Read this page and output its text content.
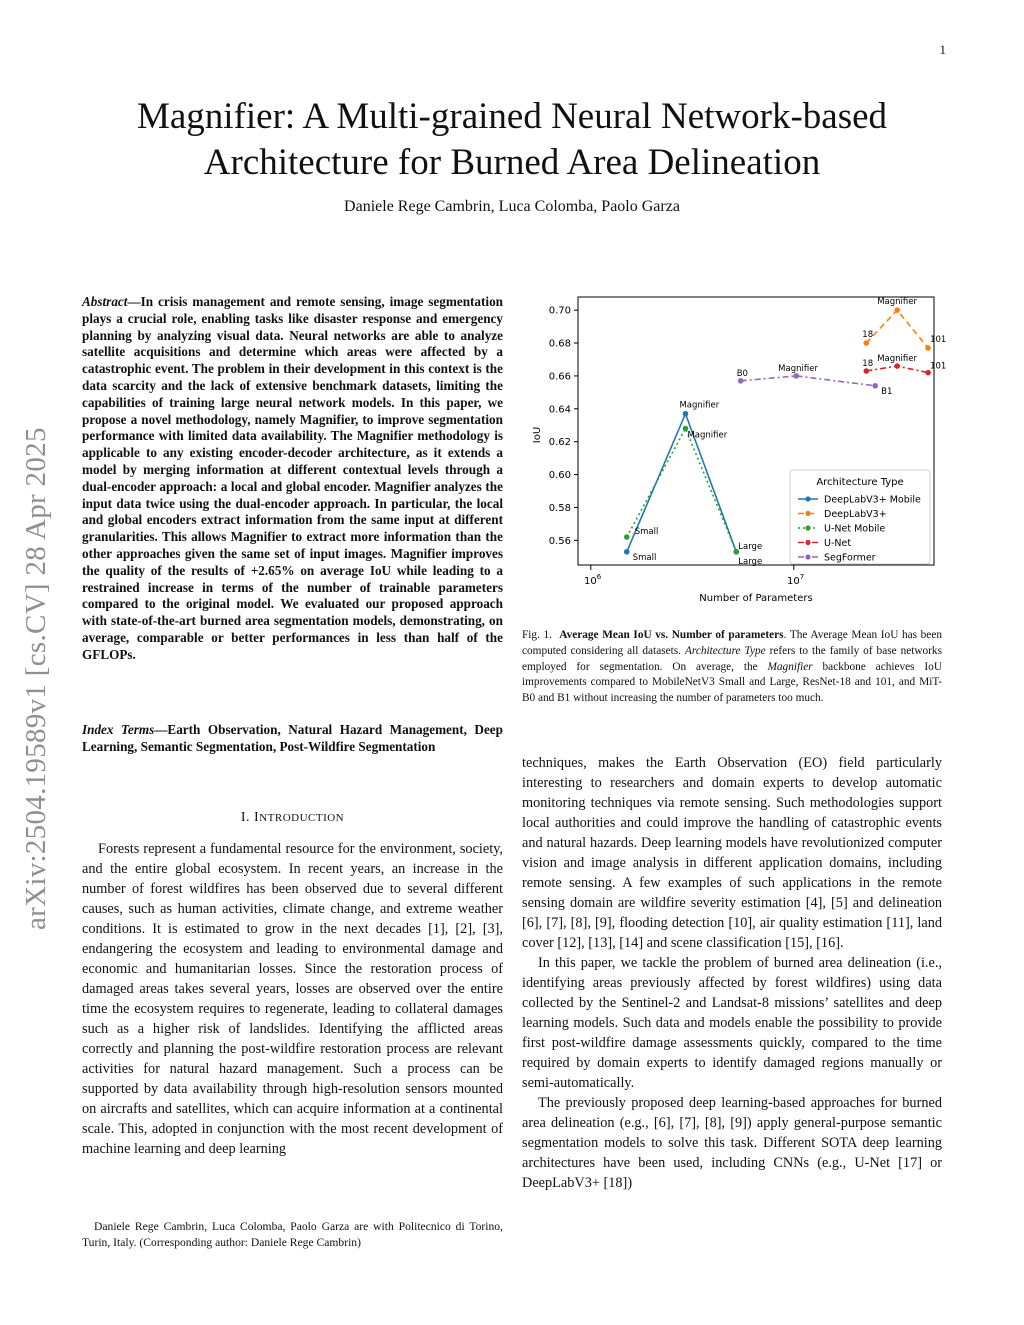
1
arXiv:2504.19589v1 [cs.CV] 28 Apr 2025
Magnifier: A Multi-grained Neural Network-based
Architecture for Burned Area Delineation
Daniele Rege Cambrin, Luca Colomba, Paolo Garza
Abstract—In crisis management and remote sensing, image segmentation plays a crucial role, enabling tasks like disaster response and emergency planning by analyzing visual data. Neural networks are able to analyze satellite acquisitions and determine which areas were affected by a catastrophic event. The problem in their development in this context is the data scarcity and the lack of extensive benchmark datasets, limiting the capabilities of training large neural network models. In this paper, we propose a novel methodology, namely Magnifier, to improve segmentation performance with limited data availability. The Magnifier methodology is applicable to any existing encoder-decoder architecture, as it extends a model by merging information at different contextual levels through a dual-encoder approach: a local and global encoder. Magnifier analyzes the input data twice using the dual-encoder approach. In particular, the local and global encoders extract information from the same input at different granularities. This allows Magnifier to extract more information than the other approaches given the same set of input images. Magnifier improves the quality of the results of +2.65% on average IoU while leading to a restrained increase in terms of the number of trainable parameters compared to the original model. We evaluated our proposed approach with state-of-the-art burned area segmentation models, demonstrating, on average, comparable or better performances in less than half of the GFLOPs.
Index Terms—Earth Observation, Natural Hazard Management, Deep Learning, Semantic Segmentation, Post-Wildfire Segmentation
I. INTRODUCTION
Forests represent a fundamental resource for the environment, society, and the entire global ecosystem. In recent years, an increase in the number of forest wildfires has been observed due to several different causes, such as human activities, climate change, and extreme weather conditions. It is estimated to grow in the next decades [1], [2], [3], endangering the ecosystem and leading to environmental damage and economic and humanitarian losses. Since the restoration process of damaged areas takes several years, losses are observed over the entire time the ecosystem requires to regenerate, leading to collateral damages such as a higher risk of landslides. Identifying the afflicted areas correctly and planning the post-wildfire restoration process are relevant activities for natural hazard management. Such a process can be supported by data availability through high-resolution sensors mounted on aircrafts and satellites, which can acquire information at a continental scale. This, adopted in conjunction with the most recent development of machine learning and deep learning
Daniele Rege Cambrin, Luca Colomba, Paolo Garza are with Politecnico di Torino, Turin, Italy. (Corresponding author: Daniele Rege Cambrin)
0.56
0.58
0.60
0.62
0.64
0.66
0.68
0.70
$10^6$	$10^7$
Number of Parameters
IoU
Small
Magnifier
Large
18
Magnifier
101
Small
Magnifier
Large
18 Magnifier
101
B0	Magnifier
B1
Architecture Type
DeepLabV3+ Mobile
DeepLabV3+
U-Net Mobile
U-Net
SegFormer
Fig. 1. Average Mean IoU vs. Number of parameters. The Average Mean IoU has been computed considering all datasets. Architecture Type refers to the family of base networks employed for segmentation. On average, the Magnifier backbone achieves IoU improvements compared to MobileNetV3 Small and Large, ResNet-18 and 101, and MiT-B0 and B1 without increasing the number of parameters too much.

techniques, makes the Earth Observation (EO) field particularly interesting to researchers and domain experts to develop automatic monitoring techniques via remote sensing. Such methodologies support local authorities and could improve the handling of catastrophic events and natural hazards. Deep learning models have revolutionized computer vision and image analysis in different application domains, including remote sensing. A few examples of such applications in the remote sensing domain are wildfire severity estimation [4], [5] and delineation [6], [7], [8], [9], flooding detection [10], air quality estimation [11], land cover [12], [13], [14] and scene classification [15], [16].

In this paper, we tackle the problem of burned area delineation (i.e., identifying areas previously affected by forest wildfires) using data collected by the Sentinel-2 and Landsat-8 missions’ satellites and deep learning models. Such data and models enable the possibility to provide first post-wildfire damage assessments quickly, compared to the time required by domain experts to identify damaged regions manually or semi-automatically.

The previously proposed deep learning-based approaches for burned area delineation (e.g., [6], [7], [8], [9]) apply general-purpose semantic segmentation models to solve this task. Different SOTA deep learning architectures have been used, including CNNs (e.g., U-Net [17] or DeepLabV3+ [18])
